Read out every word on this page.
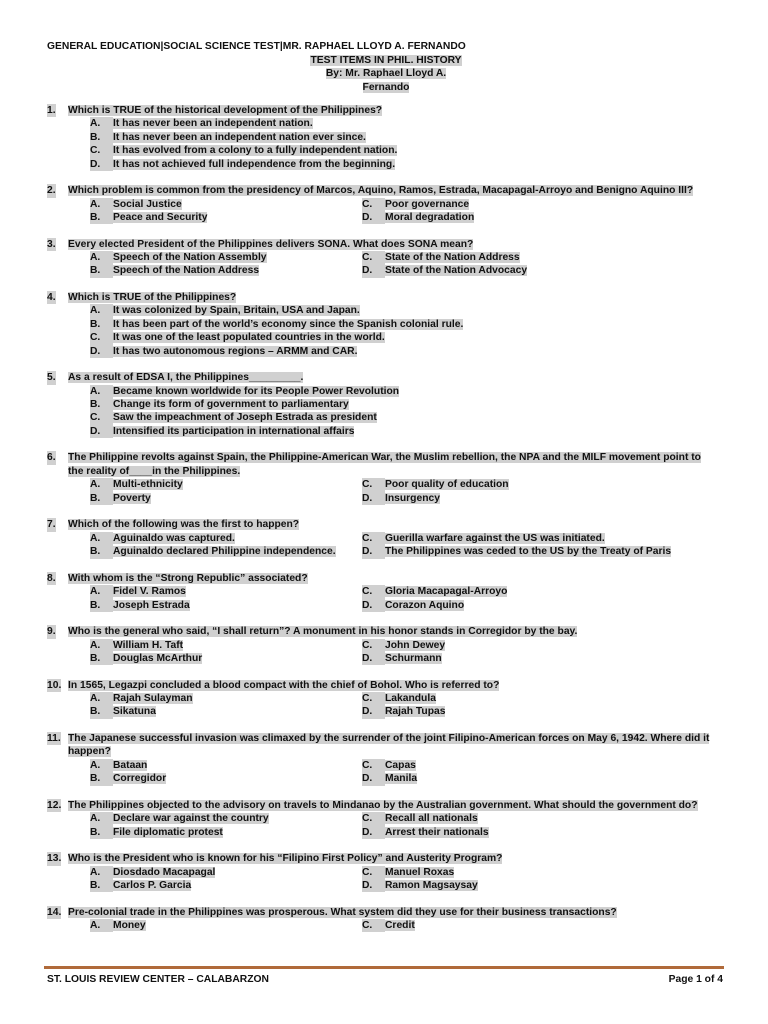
GENERAL EDUCATION|SOCIAL SCIENCE TEST|MR. RAPHAEL LLOYD A. FERNANDO
TEST ITEMS IN PHIL. HISTORY
By: Mr. Raphael Lloyd A.
Fernando
1. Which is TRUE of the historical development of the Philippines?
A. It has never been an independent nation.
B. It has never been an independent nation ever since.
C. It has evolved from a colony to a fully independent nation.
D. It has not achieved full independence from the beginning.
2. Which problem is common from the presidency of Marcos, Aquino, Ramos, Estrada, Macapagal-Arroyo and Benigno Aquino III?
A. Social Justice	C. Poor governance
B. Peace and Security	D. Moral degradation
3. Every elected President of the Philippines delivers SONA. What does SONA mean?
A. Speech of the Nation Assembly	C. State of the Nation Address
B. Speech of the Nation Address	D. State of the Nation Advocacy
4. Which is TRUE of the Philippines?
A. It was colonized by Spain, Britain, USA and Japan.
B. It has been part of the world’s economy since the Spanish colonial rule.
C. It was one of the least populated countries in the world.
D. It has two autonomous regions – ARMM and CAR.
5. As a result of EDSA I, the Philippines_________.
A. Became known worldwide for its People Power Revolution
B. Change its form of government to parliamentary
C. Saw the impeachment of Joseph Estrada as president
D. Intensified its participation in international affairs
6. The Philippine revolts against Spain, the Philippine-American War, the Muslim rebellion, the NPA and the MILF movement point to the reality of____in the Philippines.
A. Multi-ethnicity	C. Poor quality of education
B. Poverty	D. Insurgency
7. Which of the following was the first to happen?
A. Aguinaldo was captured.	C. Guerilla warfare against the US was initiated.
B. Aguinaldo declared Philippine independence.	D. The Philippines was ceded to the US by the Treaty of Paris
8. With whom is the “Strong Republic” associated?
A. Fidel V. Ramos	C. Gloria Macapagal-Arroyo
B. Joseph Estrada	D. Corazon Aquino
9. Who is the general who said, “I shall return”? A monument in his honor stands in Corregidor by the bay.
A. William H. Taft	C. John Dewey
B. Douglas McArthur	D. Schurmann
10. In 1565, Legazpi concluded a blood compact with the chief of Bohol. Who is referred to?
A. Rajah Sulayman	C. Lakandula
B. Sikatuna	D. Rajah Tupas
11. The Japanese successful invasion was climaxed by the surrender of the joint Filipino-American forces on May 6, 1942. Where did it happen?
A. Bataan	C. Capas
B. Corregidor	D. Manila
12. The Philippines objected to the advisory on travels to Mindanao by the Australian government. What should the government do?
A. Declare war against the country	C. Recall all nationals
B. File diplomatic protest	D. Arrest their nationals
13. Who is the President who is known for his “Filipino First Policy” and Austerity Program?
A. Diosdado Macapagal	C. Manuel Roxas
B. Carlos P. Garcia	D. Ramon Magsaysay
14. Pre-colonial trade in the Philippines was prosperous. What system did they use for their business transactions?
A. Money	C. Credit
ST. LOUIS REVIEW CENTER – CALABARZON	Page 1 of 4
